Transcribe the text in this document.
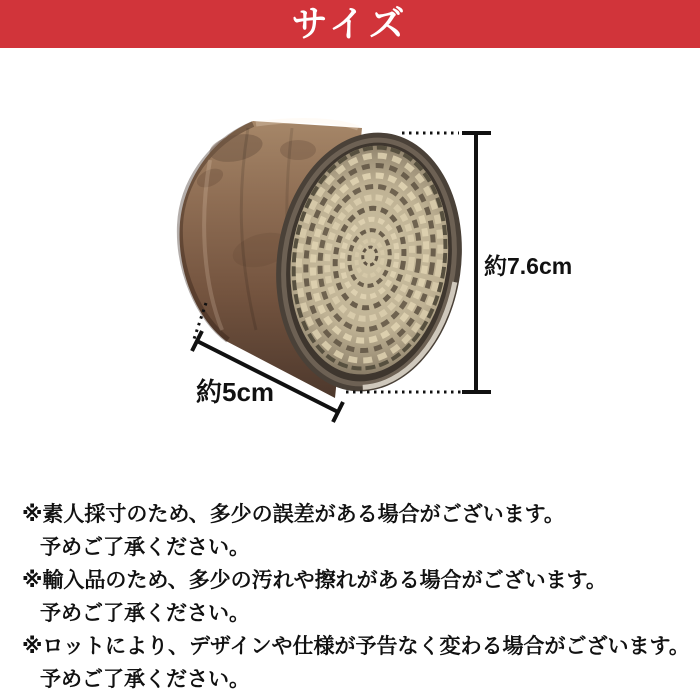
サイズ
約7.6cm
約5cm

※素人採寸のため、多少の誤差がある場合がございます。

予めご了承ください。

※輸入品のため、多少の汚れや擦れがある場合がございます。

予めご了承ください。

※ロットにより、デザインや仕様が予告なく変わる場合がございます。

予めご了承ください。
